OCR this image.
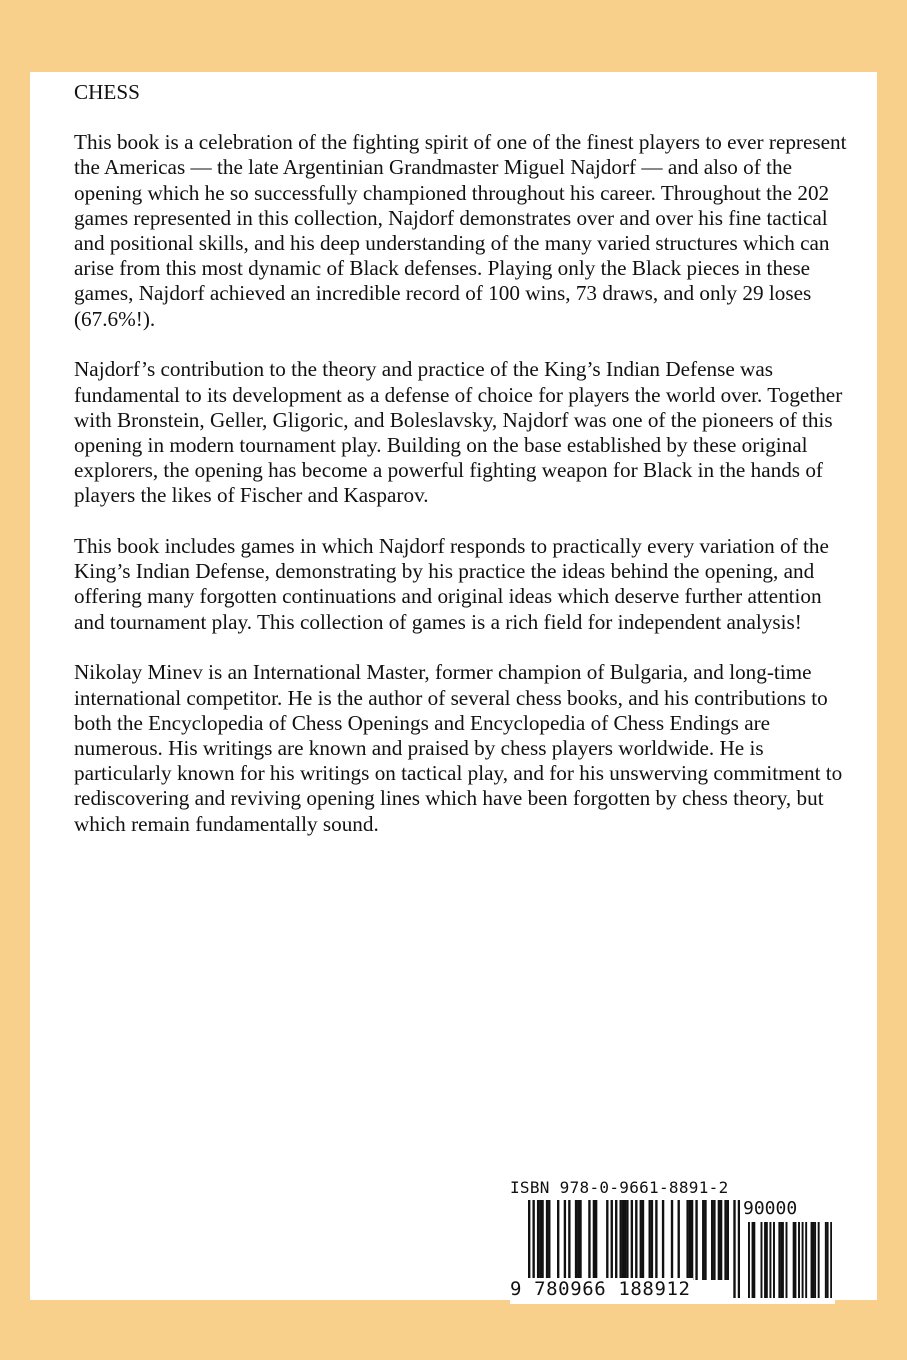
CHESS

This book is a celebration of the fighting spirit of one of the finest players to ever represent the Americas — the late Argentinian Grandmaster Miguel Najdorf — and also of the opening which he so successfully championed throughout his career. Throughout the 202 games represented in this collection, Najdorf demonstrates over and over his fine tactical and positional skills, and his deep understanding of the many varied structures which can arise from this most dynamic of Black defenses. Playing only the Black pieces in these games, Najdorf achieved an incredible record of 100 wins, 73 draws, and only 29 loses (67.6%!).

Najdorf’s contribution to the theory and practice of the King’s Indian Defense was fundamental to its development as a defense of choice for players the world over. Together with Bronstein, Geller, Gligoric, and Boleslavsky, Najdorf was one of the pioneers of this opening in modern tournament play. Building on the base established by these original explorers, the opening has become a powerful fighting weapon for Black in the hands of players the likes of Fischer and Kasparov.

This book includes games in which Najdorf responds to practically every variation of the King’s Indian Defense, demonstrating by his practice the ideas behind the opening, and offering many forgotten continuations and original ideas which deserve further attention and tournament play. This collection of games is a rich field for independent analysis!

Nikolay Minev is an International Master, former champion of Bulgaria, and long-time international competitor. He is the author of several chess books, and his contributions to both the Encyclopedia of Chess Openings and Encyclopedia of Chess Endings are numerous. His writings are known and praised by chess players worldwide. He is particularly known for his writings on tactical play, and for his unswerving commitment to rediscovering and reviving opening lines which have been forgotten by chess theory, but which remain fundamentally sound.

ISBN 978-0-9661-8891-2
90000
9 780966 188912
